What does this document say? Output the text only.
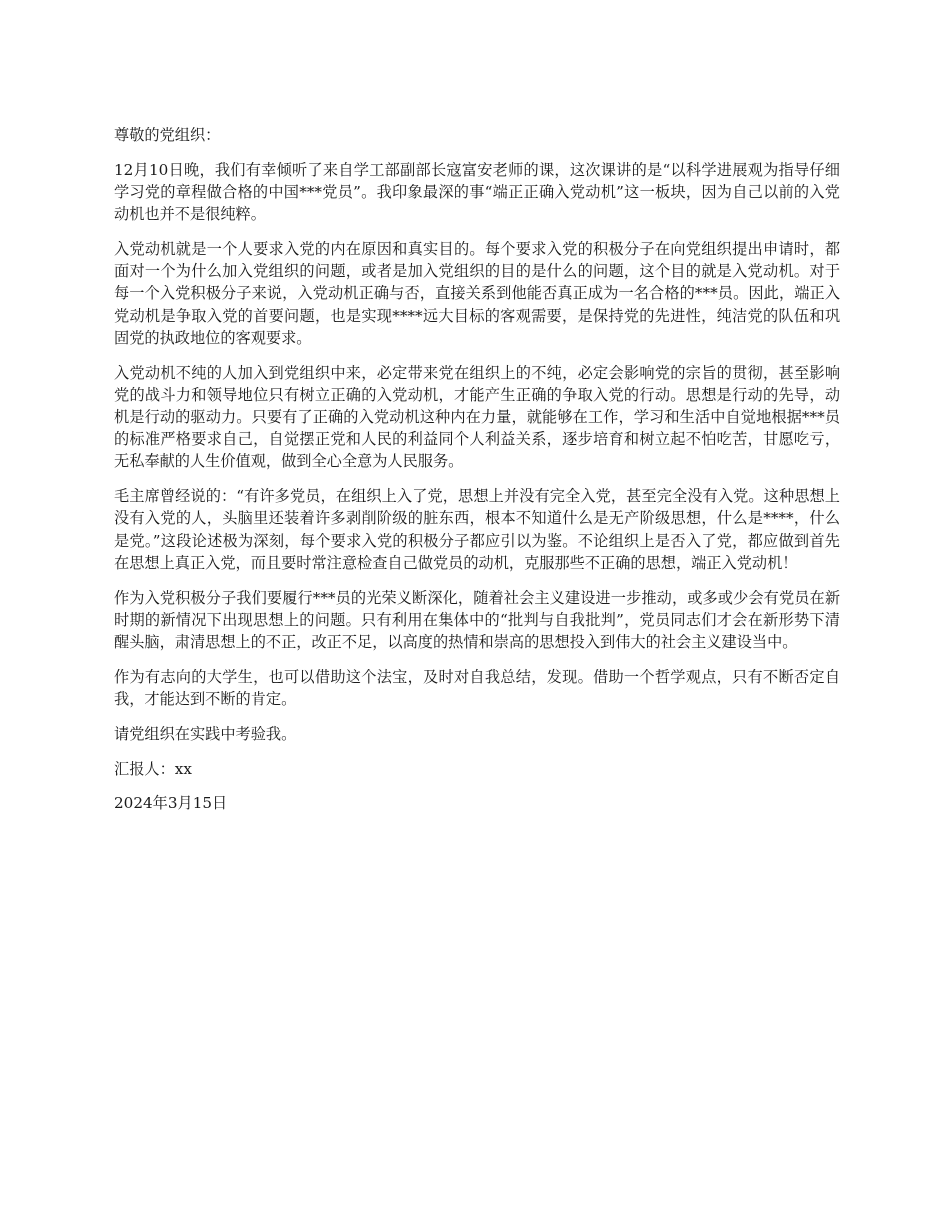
尊敬的党组织：

12月10日晚，我们有幸倾听了来自学工部副部长寇富安老师的课，这次课讲的是“以科学进展观为指导仔细学习党的章程做合格的中国***党员”。我印象最深的事“端正正确入党动机”这一板块，因为自己以前的入党动机也并不是很纯粹。

入党动机就是一个人要求入党的内在原因和真实目的。每个要求入党的积极分子在向党组织提出申请时，都面对一个为什么加入党组织的问题，或者是加入党组织的目的是什么的问题，这个目的就是入党动机。对于每一个入党积极分子来说，入党动机正确与否，直接关系到他能否真正成为一名合格的***员。因此，端正入党动机是争取入党的首要问题，也是实现****远大目标的客观需要，是保持党的先进性，纯洁党的队伍和巩固党的执政地位的客观要求。

入党动机不纯的人加入到党组织中来，必定带来党在组织上的不纯，必定会影响党的宗旨的贯彻，甚至影响党的战斗力和领导地位只有树立正确的入党动机，才能产生正确的争取入党的行动。思想是行动的先导，动机是行动的驱动力。只要有了正确的入党动机这种内在力量，就能够在工作，学习和生活中自觉地根据***员的标准严格要求自己，自觉摆正党和人民的利益同个人利益关系，逐步培育和树立起不怕吃苦，甘愿吃亏，无私奉献的人生价值观，做到全心全意为人民服务。

毛主席曾经说的：“有许多党员，在组织上入了党，思想上并没有完全入党，甚至完全没有入党。这种思想上没有入党的人，头脑里还装着许多剥削阶级的脏东西，根本不知道什么是无产阶级思想，什么是****，什么是党。”这段论述极为深刻，每个要求入党的积极分子都应引以为鉴。不论组织上是否入了党，都应做到首先在思想上真正入党，而且要时常注意检查自己做党员的动机，克服那些不正确的思想，端正入党动机！

作为入党积极分子我们要履行***员的光荣义断深化，随着社会主义建设进一步推动，或多或少会有党员在新时期的新情况下出现思想上的问题。只有利用在集体中的“批判与自我批判”，党员同志们才会在新形势下清醒头脑，肃清思想上的不正，改正不足，以高度的热情和崇高的思想投入到伟大的社会主义建设当中。

作为有志向的大学生，也可以借助这个法宝，及时对自我总结，发现。借助一个哲学观点，只有不断否定自我，才能达到不断的肯定。

请党组织在实践中考验我。

汇报人：xx

2024年3月15日
